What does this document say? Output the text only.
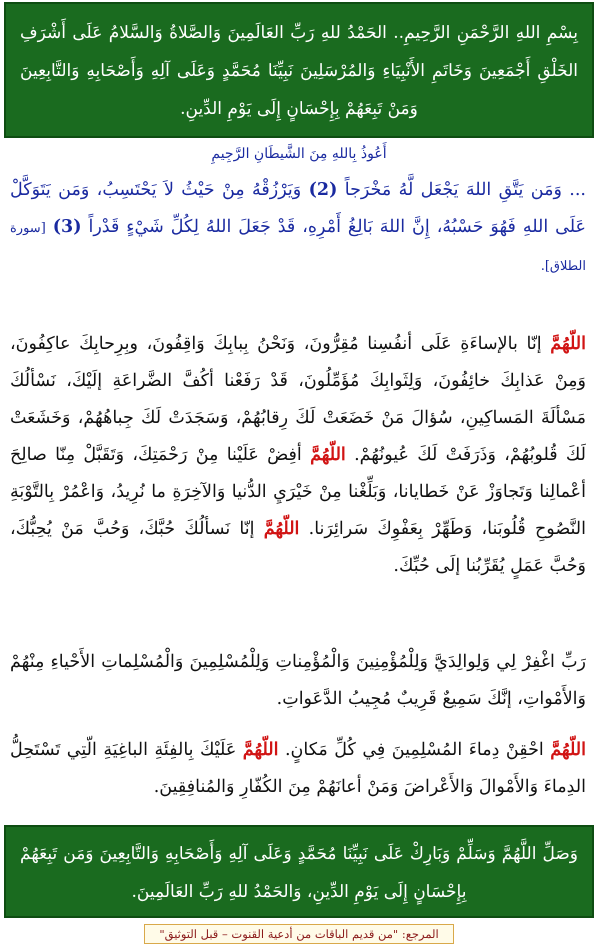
بِسْمِ اللهِ الرَّحْمَنِ الرَّحِيمِ.. الحَمْدُ للهِ رَبِّ العَالَمِينَ وَالصَّلاةُ وَالسَّلامُ عَلَى أَشْرَفِ الخَلْقِ أَجْمَعِينَ وَخَاتَمِ الأَنْبِيَاءِ وَالمُرْسَلِينَ نَبِيِّنَا مُحَمَّدٍ وَعَلَى آلِهِ وَأَصْحَابِهِ وَالتَّابِعِينَ وَمَنْ تَبِعَهُمْ بِإِحْسَانٍ إِلَى يَوْمِ الدِّينِ.
أَعُوذُ بِاللهِ مِنَ الشَّيطَانِ الرَّجِيمِ
... وَمَن يَتَّقِ اللهَ يَجْعَل لَّهُ مَخْرَجاً (2) وَيَرْزُقْهُ مِنْ حَيْثُ لاَ يَحْتَسِبُ، وَمَن يَتَوَكَّلْ عَلَى اللهِ فَهُوَ حَسْبُهُ، إِنَّ اللهَ بَالِغُ أَمْرِهِ، قَدْ جَعَلَ اللهُ لِكُلِّ شَيْءٍ قَدْراً (3) [سورة الطلاق].
اللّهُمَّ إنّا بالإساءَةِ عَلَى أنفُسِنا مُقِرُّونَ، وَنَحْنُ بِبابِكَ وَاقِفُونَ، وبِرِحابِكَ عاكِفُونَ، وَمِنْ عَذابِكَ خائِفُونَ، وَلِثَوابِكَ مُؤَمِّلُونَ، قَدْ رَفَعْنا أكُفَّ الضَّراعَةِ إلَيْكَ، نَسْألُكَ مَسْألَةَ المَساكِينِ، سُؤالَ مَنْ خَضَعَتْ لَكَ رِقابُهُمْ، وَسَجَدَتْ لَكَ جِباهُهُمْ، وَخَشَعَتْ لَكَ قُلوبُهُمْ، وَذَرَفَتْ لَكَ عُيونُهُمْ. اللّهُمَّ أفِضْ عَلَيْنا مِنْ رَحْمَتِكَ، وَتَقَبَّلْ مِنّا صالِحَ أعْمالِنا وَتَجاوَزْ عَنْ خَطايانا، وَبَلِّغْنا مِنْ خَيْرَيِ الدُّنيا وَالآخِرَةِ ما نُرِيدُ، وَاعْمُرْ بِالتَّوْبَةِ النَّصُوحِ قُلُوبَنا، وَطَهِّرْ بِعَفْوِكَ سَرائِرَنا. اللّهُمَّ إنّا نَسألُكَ حُبَّكَ، وَحُبَّ مَنْ يُحِبُّكَ، وَحُبَّ عَمَلٍ يُقَرِّبُنا إلَى حُبِّكَ.
رَبِّ اغْفِرْ لِي وَلِوالِدَيَّ وَلِلْمُؤْمِنِينَ وَالْمُؤْمِناتِ وَلِلْمُسْلِمِينَ وَالْمُسْلِماتِ الأَحْياءِ مِنْهُمْ وَالأَمْواتِ، إنَّكَ سَمِيعٌ قَرِيبٌ مُجِيبُ الدَّعَواتِ.
اللّهُمَّ احْقِنْ دِماءَ المُسْلِمِينَ فِي كُلِّ مَكانٍ. اللّهُمَّ عَلَيْكَ بِالفِئَةِ الباغِيَةِ الّتِي تَسْتَحِلُّ الدِماءَ وَالأَمْوالَ وَالأَعْراضَ وَمَنْ أعانَهُمْ مِنَ الكُفّارِ وَالمُنافِقِينَ.
وَصَلِّ اللَّهُمَّ وَسَلِّمْ وَبَارِكْ عَلَى نَبِيِّنَا مُحَمَّدٍ وَعَلَى آلِهِ وَأَصْحَابِهِ وَالتَّابِعِينَ وَمَن تَبِعَهُمْ بِإِحْسَانٍ إِلَى يَوْمِ الدِّينِ، وَالحَمْدُ للهِ رَبِّ العَالَمِينَ.
المرجع: "من قديم الباقات من أدعية القنوت – قبل التوثيق"
